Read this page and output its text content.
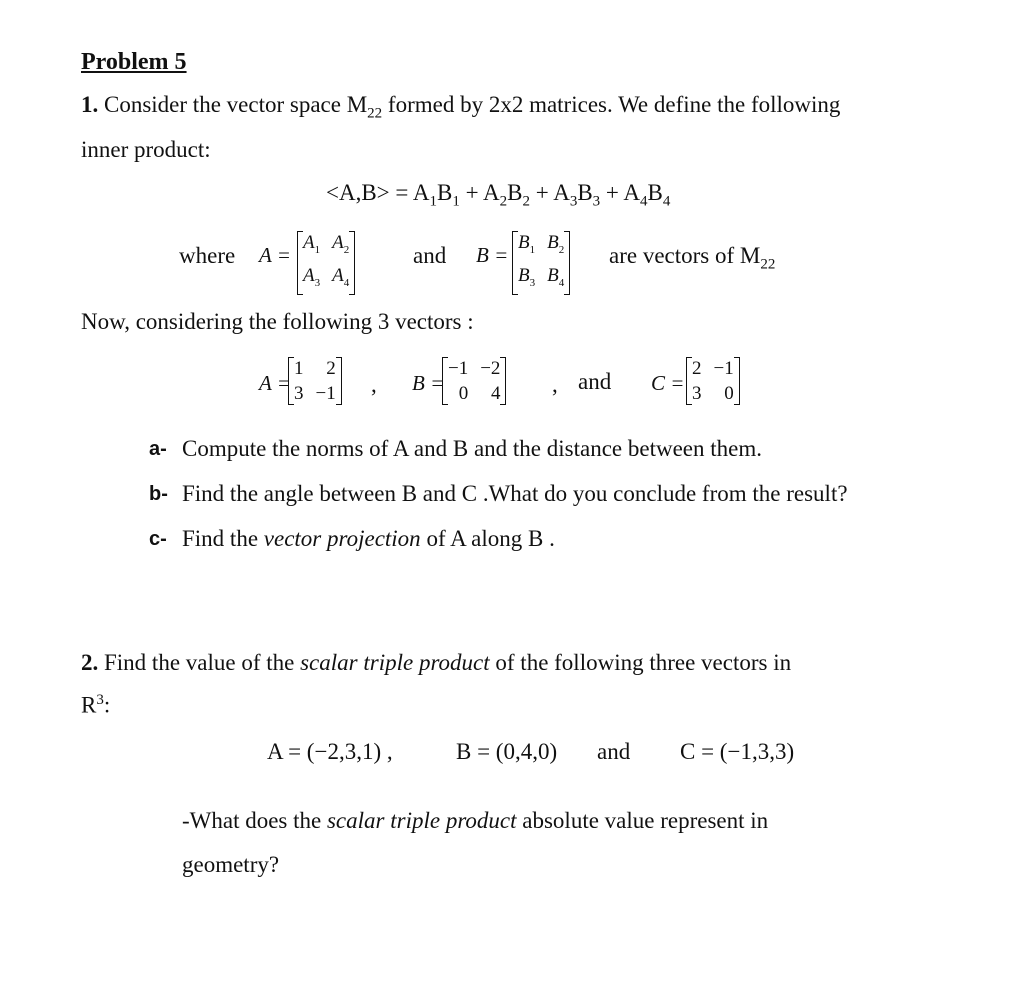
Problem 5
1. Consider the vector space $M_{22}$ formed by 2x2 matrices. We define the following
inner product:
$<A,B> = A_1B_1 + A_2B_2 + A_3B_3 + A_4B_4$
where A =
$A_1$ $A_2$
$A_3$ $A_4$
and B =
$B_1$ $B_2$
$B_3$ $B_4$
are vectors of $M_{22}$
Now, considering the following 3 vectors :
A =
1	2
3 −1 , B =
−1 −2
0	4 , and C =
2 −1
3	0
a- Compute the norms of A and B and the distance between them.
b- Find the angle between B and C .What do you conclude from the result?
c- Find the vector projection of A along B .
2. Find the value of the scalar triple product of the following three vectors in
$R^3$:
A = (−2,3,1) ,	B = (0,4,0) and C = (−1,3,3)
-What does the scalar triple product absolute value represent in
geometry?
